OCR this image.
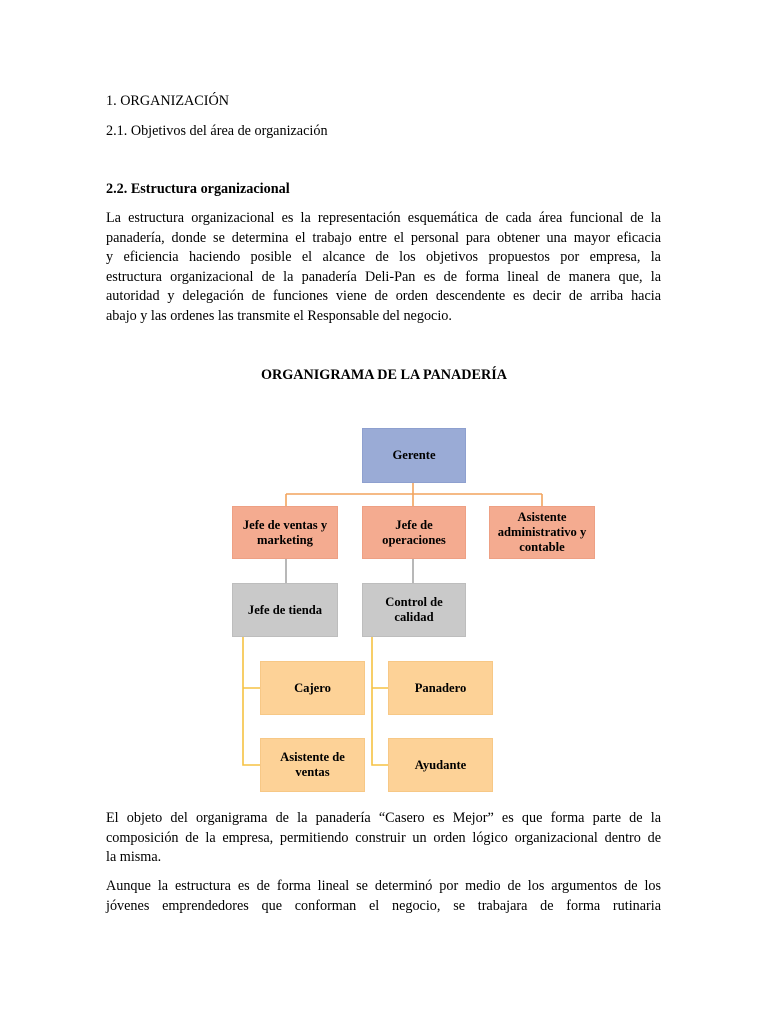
1. ORGANIZACIÓN
2.1. Objetivos del área de organización
2.2. Estructura organizacional
La estructura organizacional es la representación esquemática de cada área funcional de la
panadería, donde se determina el trabajo entre el personal para obtener una mayor eficacia
y eficiencia haciendo posible el alcance de los objetivos propuestos por empresa, la
estructura organizacional de la panadería Deli-Pan es de forma lineal de manera que, la
autoridad y delegación de funciones viene de orden descendente es decir de arriba hacia
abajo y las ordenes las transmite el Responsable del negocio.
ORGANIGRAMA DE LA PANADERÍA
Gerente
Jefe de ventas y marketing
Jefe de operaciones
Asistente administrativo y contable
Jefe de tienda
Control de calidad
Cajero
Asistente de ventas
Panadero
Ayudante
El objeto del organigrama de la panadería “Casero es Mejor” es que forma parte de la
composición de la empresa, permitiendo construir un orden lógico organizacional dentro de
la misma.
Aunque la estructura es de forma lineal se determinó por medio de los argumentos de los
jóvenes emprendedores que conforman el negocio, se trabajara de forma rutinaria
